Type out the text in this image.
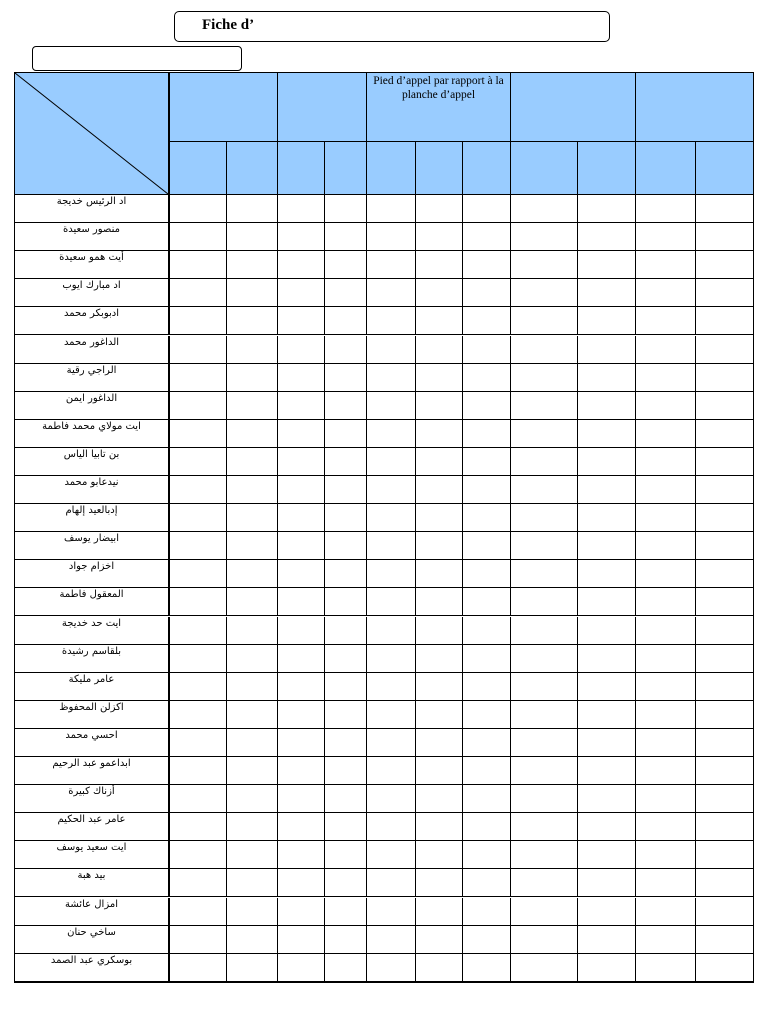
Fiche d’
Pied d’appel par rapport à la planche d’appel
اد الرئيس خديجة
منصور سعيدة
أيت همو سعيدة
اد مبارك ايوب
ادبوبكر محمد
الداغور محمد
الراجي رقية
الداغور ايمن
ايت مولاي محمد فاطمة
بن تابيا الياس
نيدعابو محمد
إدبالعيد إلهام
ابيضار يوسف
اخزام جواد
المعقول فاطمة
ايت حد خديجة
بلقاسم رشيدة
عامر مليكة
اكزلن المحفوظ
احسي محمد
ابداعمو عبد الرحيم
أزناك كبيرة
عامر عبد الحكيم
ايت سعيد يوسف
بيد هبة
امزال عائشة
ساخي حنان
بوسكري عبد الصمد
